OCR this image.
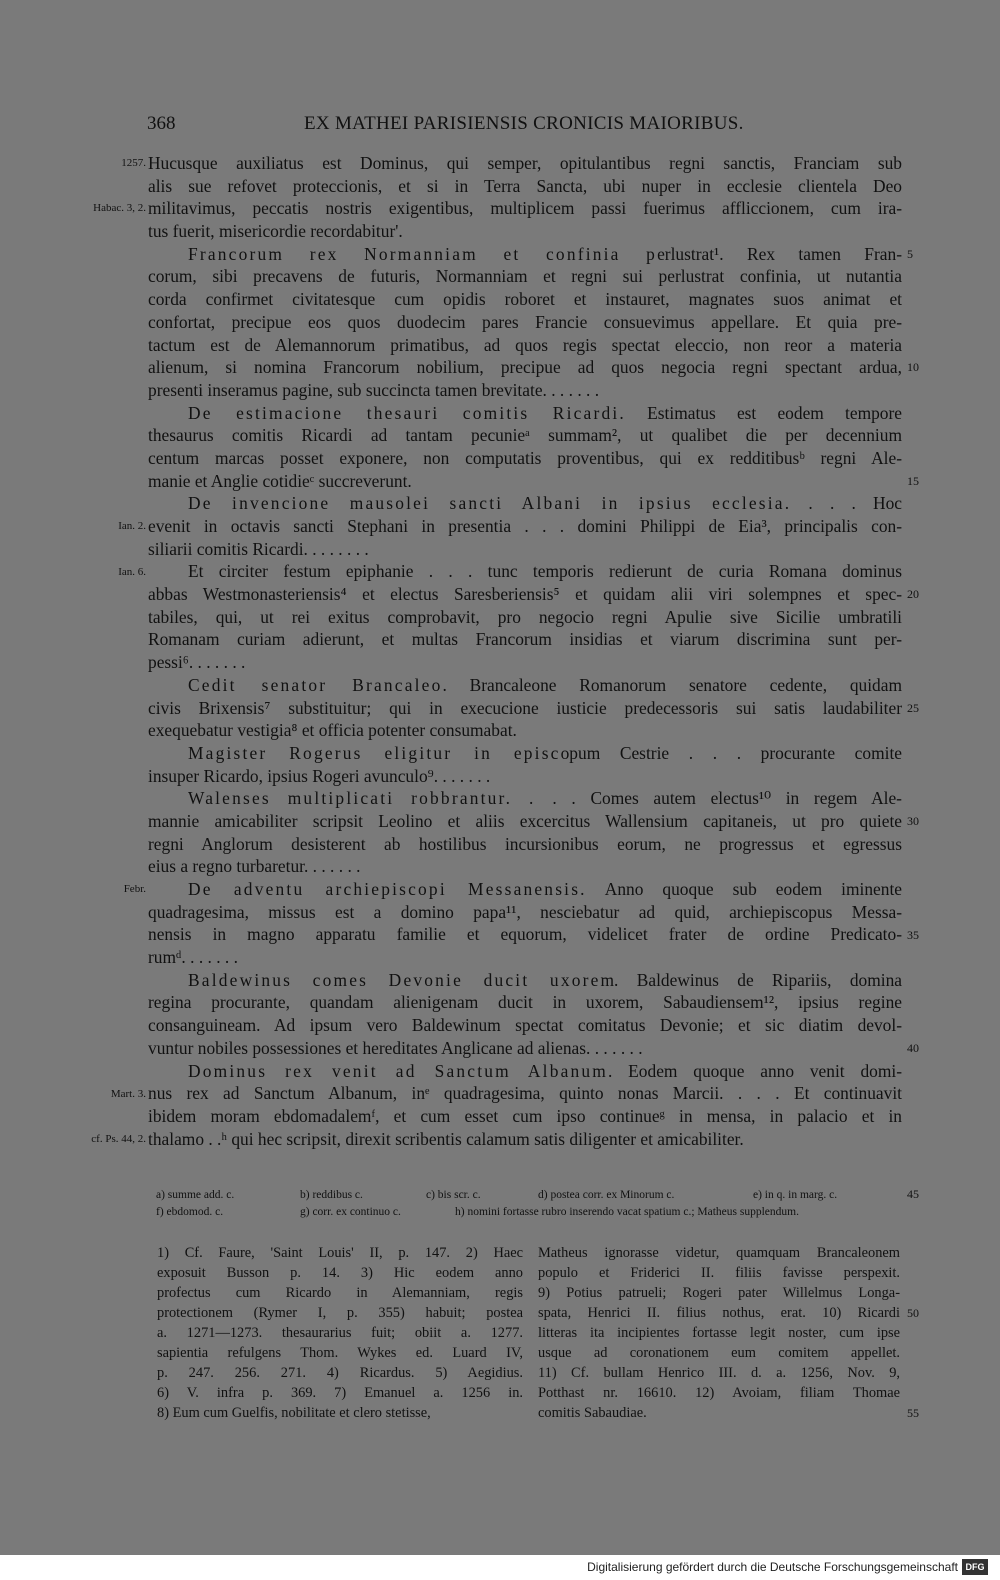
368	EX MATHEI PARISIENSIS CRONICIS MAIORIBUS.
Hucusque auxiliatus est Dominus, qui semper, opitulantibus regni sanctis, Franciam sub
alis sue refovet proteccionis, et si in Terra Sancta, ubi nuper in ecclesie clientela Deo
militavimus, peccatis nostris exigentibus, multiplicem passi fuerimus affliccionem, cum ira-
tus fuerit, misericordie recordabitur'.
Francorum rex Normanniam et confinia perlustrat¹. Rex tamen Fran-
corum, sibi precavens de futuris, Normanniam et regni sui perlustrat confinia, ut nutantia
corda confirmet civitatesque cum opidis roboret et instauret, magnates suos animat et
confortat, precipue eos quos duodecim pares Francie consuevimus appellare. Et quia pre-
tactum est de Alemannorum primatibus, ad quos regis spectat eleccio, non reor a materia
alienum, si nomina Francorum nobilium, precipue ad quos negocia regni spectant ardua,
presenti inseramus pagine, sub succincta tamen brevitate. . . . . . .
De estimacione thesauri comitis Ricardi. Estimatus est eodem tempore
thesaurus comitis Ricardi ad tantam pecunieᵃ summam², ut qualibet die per decennium
centum marcas posset exponere, non computatis proventibus, qui ex redditibusᵇ regni Ale-
manie et Anglie cotidieᶜ succreverunt.
De invencione mausolei sancti Albani in ipsius ecclesia. . . . Hoc
evenit in octavis sancti Stephani in presentia . . . domini Philippi de Eia³, principalis con-
siliarii comitis Ricardi. . . . . . . .
Et circiter festum epiphanie . . . tunc temporis redierunt de curia Romana dominus
abbas Westmonasteriensis⁴ et electus Saresberiensis⁵ et quidam alii viri solempnes et spec-
tabiles, qui, ut rei exitus comprobavit, pro negocio regni Apulie sive Sicilie umbratili
Romanam curiam adierunt, et multas Francorum insidias et viarum discrimina sunt per-
pessi⁶. . . . . . .
Cedit senator Brancaleo. Brancaleone Romanorum senatore cedente, quidam
civis Brixensis⁷ substituitur; qui in execucione iusticie predecessoris sui satis laudabiliter
exequebatur vestigia⁸ et officia potenter consumabat.
Magister Rogerus eligitur in episcopum Cestrie . . . procurante comite
insuper Ricardo, ipsius Rogeri avunculo⁹. . . . . . .
Walenses multiplicati robbrantur. . . . Comes autem electus¹⁰ in regem Ale-
mannie amicabiliter scripsit Leolino et aliis excercitus Wallensium capitaneis, ut pro quiete
regni Anglorum desisterent ab hostilibus incursionibus eorum, ne progressus et egressus
eius a regno turbaretur. . . . . . .
De adventu archiepiscopi Messanensis. Anno quoque sub eodem iminente
quadragesima, missus est a domino papa¹¹, nesciebatur ad quid, archiepiscopus Messa-
nensis in magno apparatu familie et equorum, videlicet frater de ordine Predicato-
rumᵈ. . . . . . .
Baldewinus comes Devonie ducit uxorem. Baldewinus de Ripariis, domina
regina procurante, quandam alienigenam ducit in uxorem, Sabaudiensem¹², ipsius regine
consanguineam. Ad ipsum vero Baldewinum spectat comitatus Devonie; et sic diatim devol-
vuntur nobiles possessiones et hereditates Anglicane ad alienas. . . . . . .
Dominus rex venit ad Sanctum Albanum. Eodem quoque anno venit domi-
nus rex ad Sanctum Albanum, inᵉ quadragesima, quinto nonas Marcii. . . . Et continuavit
ibidem moram ebdomadalemᶠ, et cum esset cum ipso continueᵍ in mensa, in palacio et in
thalamo . .ʰ qui hec scripsit, direxit scribentis calamum satis diligenter et amicabiliter.
1257.
Habac. 3, 2.
Ian. 2.
Ian. 6.
Febr.
Mart. 3.
cf. Ps. 44, 2.
5
10
15
20
25
30
35
40
a) summe add. c.	b) reddibus c.	c) bis scr. c.	d) postea corr. ex Minorum c.	e) in q. in marg. c.
f) ebdomod. c.	g) corr. ex continuo c.	h) nomini fortasse rubro inserendo vacat spatium c.; Matheus supplendum.
45
1) Cf. Faure, 'Saint Louis' II, p. 147. 2) Haec
exposuit Busson p. 14. 3) Hic eodem anno
profectus cum Ricardo in Alemanniam, regis
protectionem (Rymer I, p. 355) habuit; postea
a. 1271—1273. thesaurarius fuit; obiit a. 1277.
sapientia refulgens Thom. Wykes ed. Luard IV,
p. 247. 256. 271. 4) Ricardus. 5) Aegidius.
6) V. infra p. 369. 7) Emanuel a. 1256 in.
8) Eum cum Guelfis, nobilitate et clero stetisse,
Matheus ignorasse videtur, quamquam Brancaleonem
populo et Friderici II. filiis favisse perspexit.
9) Potius patrueli; Rogeri pater Willelmus Longa-
spata, Henrici II. filius nothus, erat. 10) Ricardi
litteras ita incipientes fortasse legit noster, cum ipse
usque ad coronationem eum comitem appellet.
11) Cf. bullam Henrico III. d. a. 1256, Nov. 9,
Potthast nr. 16610. 12) Avoiam, filiam Thomae
comitis Sabaudiae.
50
55
Digitalisierung gefördert durch die Deutsche Forschungsgemeinschaft DFG
